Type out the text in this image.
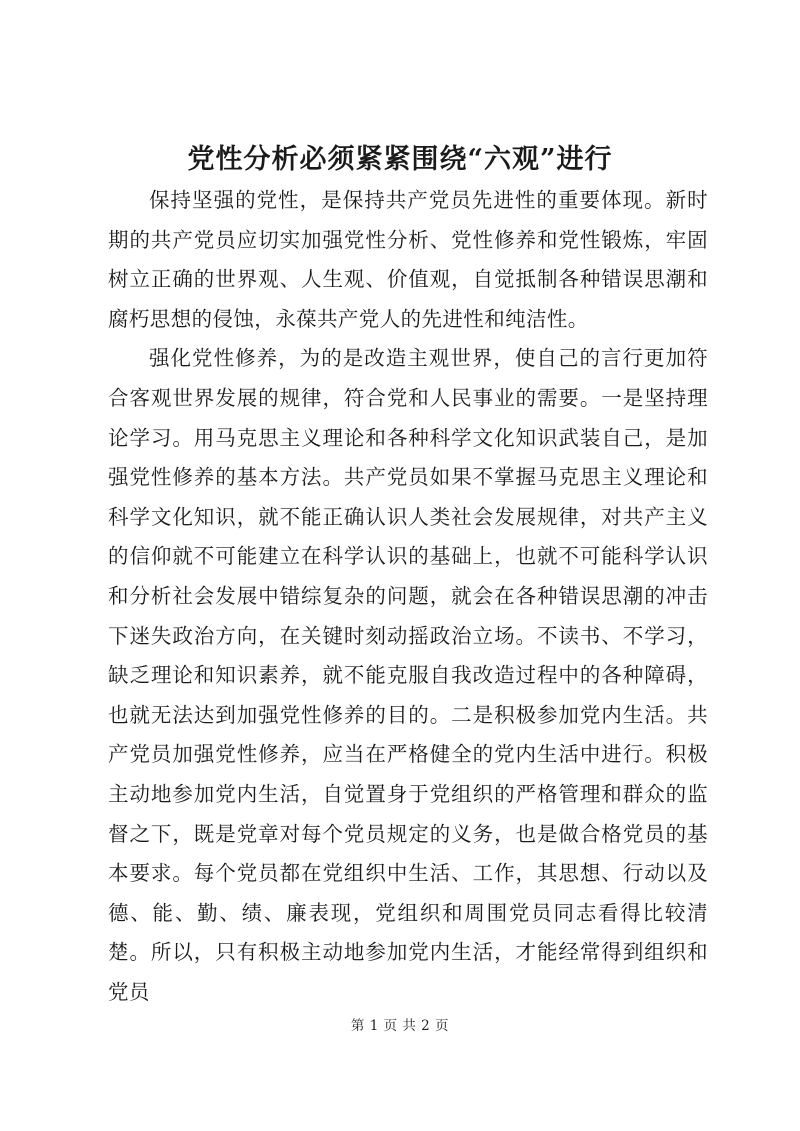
党性分析必须紧紧围绕“六观”进行

保持坚强的党性，是保持共产党员先进性的重要体现。新时期的共产党员应切实加强党性分析、党性修养和党性锻炼，牢固树立正确的世界观、人生观、价值观，自觉抵制各种错误思潮和腐朽思想的侵蚀，永葆共产党人的先进性和纯洁性。

强化党性修养，为的是改造主观世界，使自己的言行更加符合客观世界发展的规律，符合党和人民事业的需要。一是坚持理论学习。用马克思主义理论和各种科学文化知识武装自己，是加强党性修养的基本方法。共产党员如果不掌握马克思主义理论和科学文化知识，就不能正确认识人类社会发展规律，对共产主义的信仰就不可能建立在科学认识的基础上，也就不可能科学认识和分析社会发展中错综复杂的问题，就会在各种错误思潮的冲击下迷失政治方向，在关键时刻动摇政治立场。不读书、不学习，缺乏理论和知识素养，就不能克服自我改造过程中的各种障碍，也就无法达到加强党性修养的目的。二是积极参加党内生活。共产党员加强党性修养，应当在严格健全的党内生活中进行。积极主动地参加党内生活，自觉置身于党组织的严格管理和群众的监督之下，既是党章对每个党员规定的义务，也是做合格党员的基本要求。每个党员都在党组织中生活、工作，其思想、行动以及德、能、勤、绩、廉表现，党组织和周围党员同志看得比较清楚。所以，只有积极主动地参加党内生活，才能经常得到组织和党员

第 1 页 共 2 页
